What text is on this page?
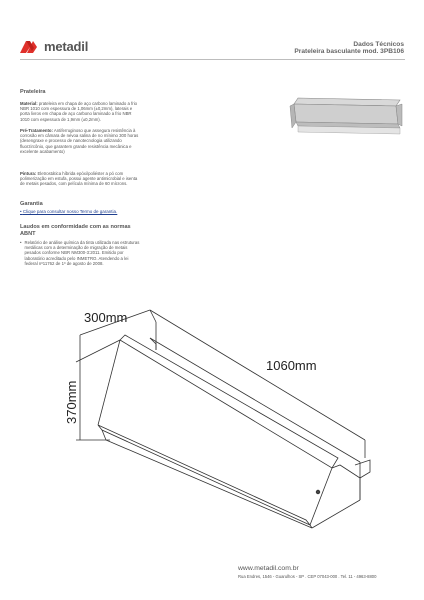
metadil	Dados Técnicos
Prateleira basculante mod. 3PB106
Prateleira
Material: prateleira em chapa de aço carbono laminado a frio NBR 1010 com espessura de 1,06mm (±0,2mm), laterais e porta livros em chapa de aço carbono laminado a frio NBR 1010 com espessura de 1,9mm (±0,2mm).
Pré-Tratamento: Antiferruginoso que assegura resistência à corrosão em câmara de névoa salina de no mínimo 300 horas (desengraxe e processo de nanotecnologia utilizando fluorzircônio, que garantem grande resistência mecânica e excelente acabamento)
Pintura: Eletrostática híbrida epóxi/poliéster a pó com polimerização em estufa, possui agente antimicrobial e isenta de metais pesados, com película mínima de 60 mícrons.
Garantia
• Clique para consultar nosso Termo de garantia.
Laudos em conformidade com as normas ABNT
• Relatório de análise química da tinta utilizada nas estruturas metálicas com a determinação de migração de metais pesados conforme NBR NM300-3:2011. Emitido por laboratório acreditado pelo INMETRO. Atendendo a lei federal nº11762 de 1º de agosto de 2008.
300mm
1060mm
370mm
www.metadil.com.br
Rua Endres, 1546 - Guarulhos - SP . CEP 07043-000 . Tel. 11 - 4963-8800
